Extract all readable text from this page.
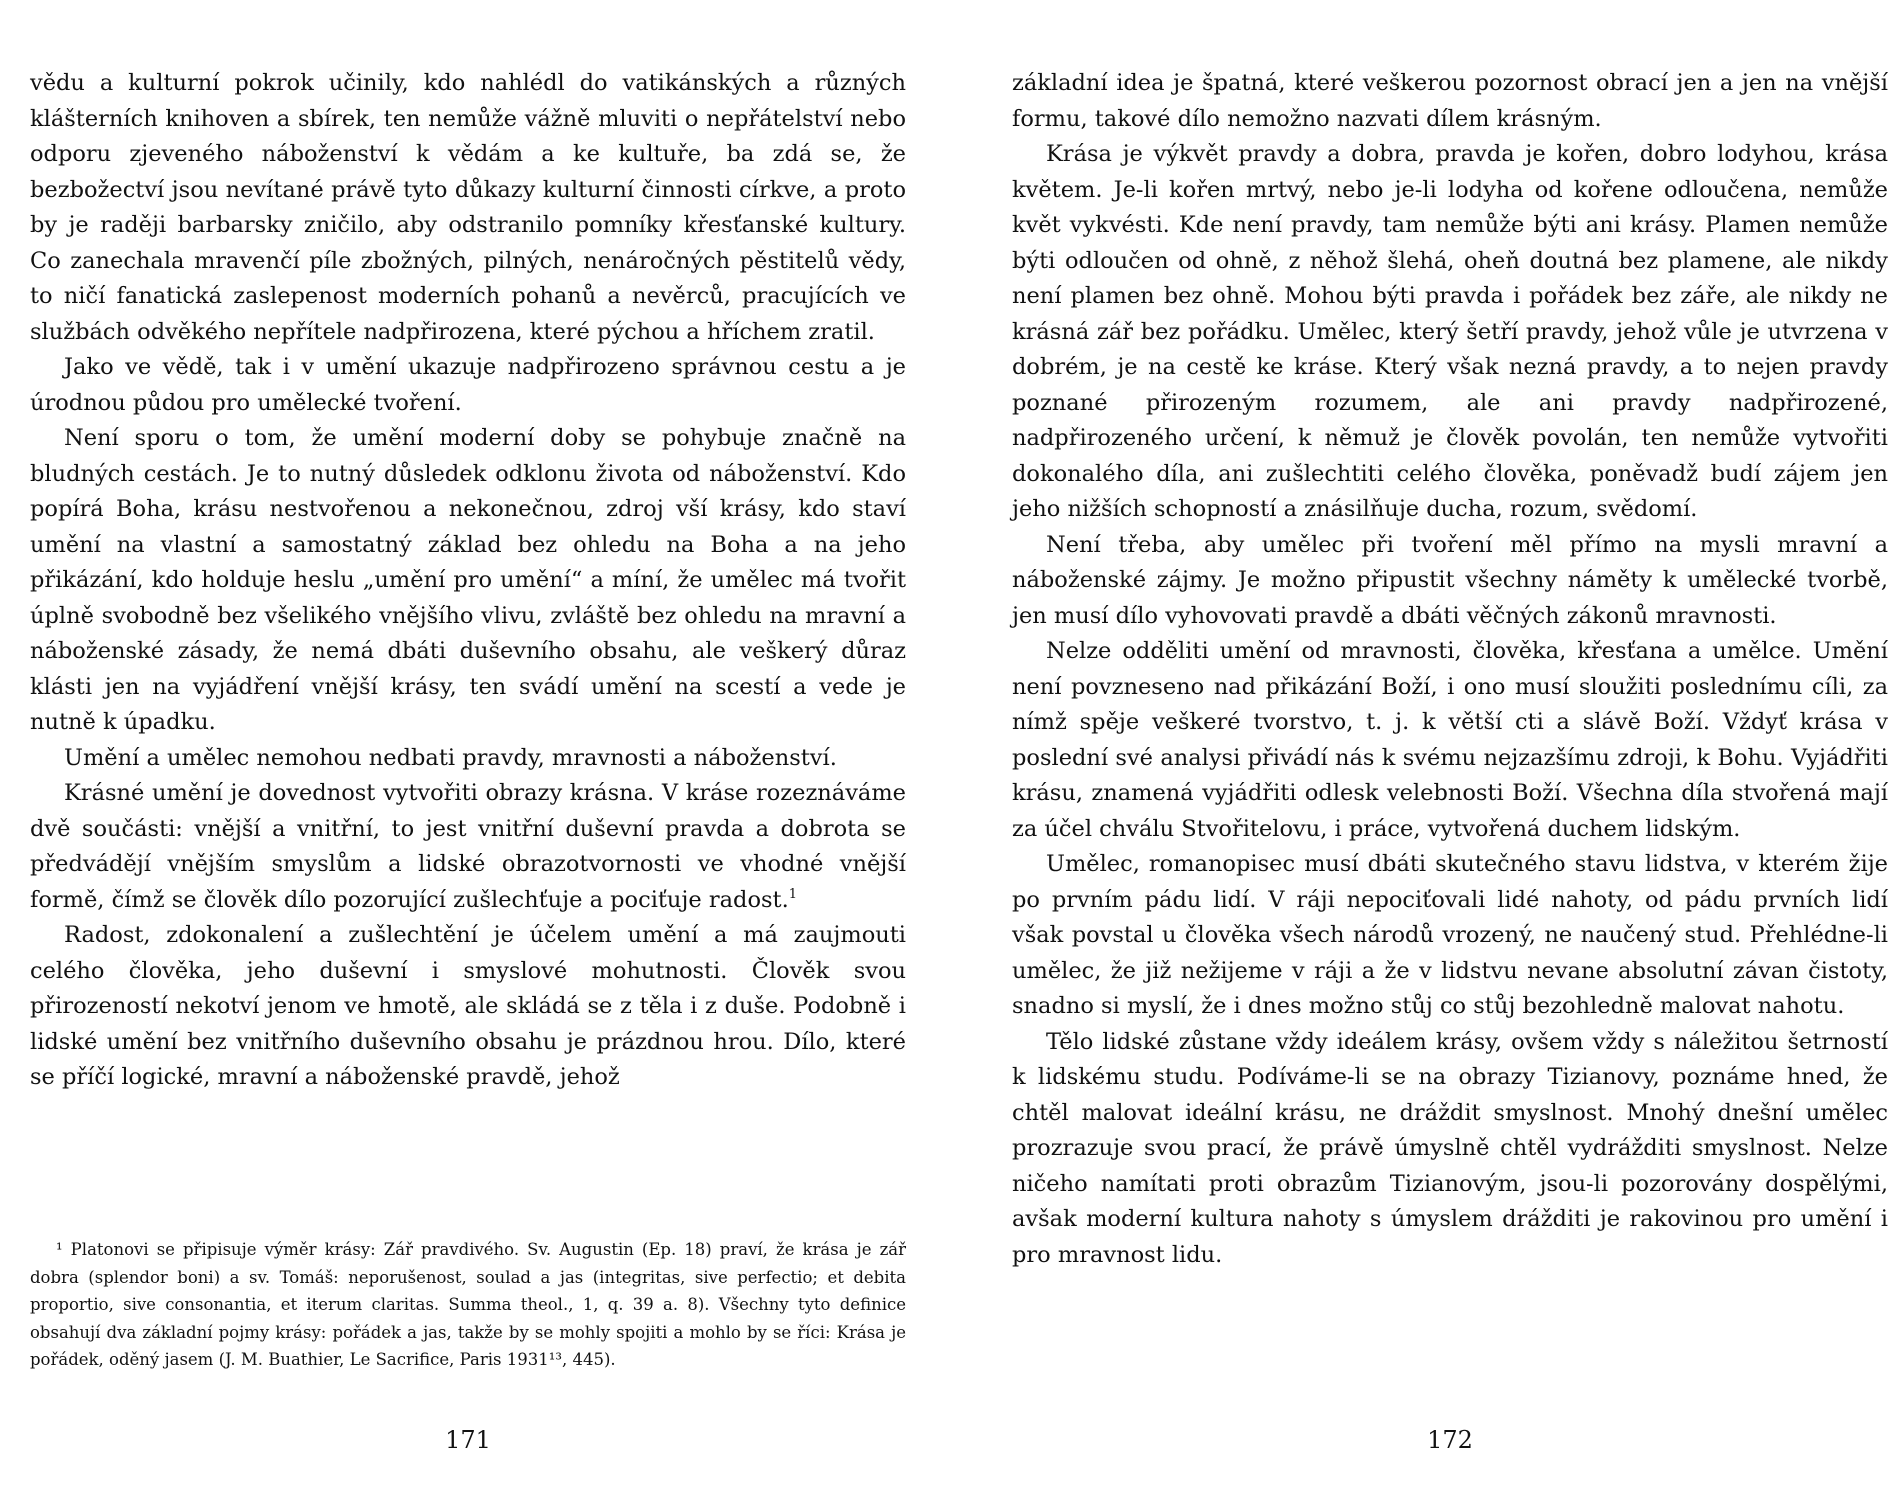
vědu a kulturní pokrok učinily, kdo nahlédl do vatikánských a různých klášterních knihoven a sbírek, ten nemůže vážně mluviti o nepřátelství nebo odporu zjeveného náboženství k vědám a ke kultuře, ba zdá se, že bezbožectví jsou nevítané právě tyto důkazy kulturní činnosti církve, a proto by je raději barbarsky zničilo, aby odstranilo pomníky křesťanské kultury. Co zanechala mravenčí píle zbožných, pilných, nenáročných pěstitelů vědy, to ničí fanatická zaslepenost moderních pohanů a nevěrců, pracujících ve službách odvěkého nepřítele nadpřirozena, které pýchou a hříchem zratil.

Jako ve vědě, tak i v umění ukazuje nadpřirozeno správnou cestu a je úrodnou půdou pro umělecké tvoření.

Není sporu o tom, že umění moderní doby se pohybuje značně na bludných cestách. Je to nutný důsledek odklonu života od náboženství. Kdo popírá Boha, krásu nestvořenou a nekonečnou, zdroj vší krásy, kdo staví umění na vlastní a samostatný základ bez ohledu na Boha a na jeho přikázání, kdo holduje heslu „umění pro umění“ a míní, že umělec má tvořit úplně svobodně bez všelikého vnějšího vlivu, zvláště bez ohledu na mravní a náboženské zásady, že nemá dbáti duševního obsahu, ale veškerý důraz klásti jen na vyjádření vnější krásy, ten svádí umění na scestí a vede je nutně k úpadku.

Umění a umělec nemohou nedbati pravdy, mravnosti a náboženství.

Krásné umění je dovednost vytvořiti obrazy krásna. V kráse rozeznáváme dvě součásti: vnější a vnitřní, to jest vnitřní duševní pravda a dobrota se předvádějí vnějším smyslům a lidské obrazotvornosti ve vhodné vnější formě, čímž se člověk dílo pozorující zušlechťuje a pociťuje radost.$^1$

Radost, zdokonalení a zušlechtění je účelem umění a má zaujmouti celého člověka, jeho duševní i smyslové mohutnosti. Člověk svou přirozeností nekotví jenom ve hmotě, ale skládá se z těla i z duše. Podobně i lidské umění bez vnitřního duševního obsahu je prázdnou hrou. Dílo, které se příčí logické, mravní a náboženské pravdě, jehož

¹ Platonovi se připisuje výměr krásy: Zář pravdivého. Sv. Augustin (Ep. 18) praví, že krása je zář dobra (splendor boni) a sv. Tomáš: neporušenost, soulad a jas (integritas, sive perfectio; et debita proportio, sive consonantia, et iterum claritas. Summa theol., 1, q. 39 a. 8). Všechny tyto definice obsahují dva základní pojmy krásy: pořádek a jas, takže by se mohly spojiti a mohlo by se říci: Krása je pořádek, oděný jasem (J. M. Buathier, Le Sacrifice, Paris 1931¹³, 445).

171

základní idea je špatná, které veškerou pozornost obrací jen a jen na vnější formu, takové dílo nemožno nazvati dílem krásným.

Krása je výkvět pravdy a dobra, pravda je kořen, dobro lodyhou, krása květem. Je-li kořen mrtvý, nebo je-li lodyha od kořene odloučena, nemůže květ vykvésti. Kde není pravdy, tam nemůže býti ani krásy. Plamen nemůže býti odloučen od ohně, z něhož šlehá, oheň doutná bez plamene, ale nikdy není plamen bez ohně. Mohou býti pravda i pořádek bez záře, ale nikdy ne krásná zář bez pořádku. Umělec, který šetří pravdy, jehož vůle je utvrzena v dobrém, je na cestě ke kráse. Který však nezná pravdy, a to nejen pravdy poznané přirozeným rozumem, ale ani pravdy nadpřirozené, nadpřirozeného určení, k němuž je člověk povolán, ten nemůže vytvořiti dokonalého díla, ani zušlechtiti celého člověka, poněvadž budí zájem jen jeho nižších schopností a znásilňuje ducha, rozum, svědomí.

Není třeba, aby umělec při tvoření měl přímo na mysli mravní a náboženské zájmy. Je možno připustit všechny náměty k umělecké tvorbě, jen musí dílo vyhovovati pravdě a dbáti věčných zákonů mravnosti.

Nelze odděliti umění od mravnosti, člověka, křesťana a umělce. Umění není povzneseno nad přikázání Boží, i ono musí sloužiti poslednímu cíli, za nímž spěje veškeré tvorstvo, t. j. k větší cti a slávě Boží. Vždyť krása v poslední své analysi přivádí nás k svému nejzazšímu zdroji, k Bohu. Vyjádřiti krásu, znamená vyjádřiti odlesk velebnosti Boží. Všechna díla stvořená mají za účel chválu Stvořitelovu, i práce, vytvořená duchem lidským.

Umělec, romanopisec musí dbáti skutečného stavu lidstva, v kterém žije po prvním pádu lidí. V ráji nepociťovali lidé nahoty, od pádu prvních lidí však povstal u člověka všech národů vrozený, ne naučený stud. Přehlédne-li umělec, že již nežijeme v ráji a že v lidstvu nevane absolutní závan čistoty, snadno si myslí, že i dnes možno stůj co stůj bezohledně malovat nahotu.

Tělo lidské zůstane vždy ideálem krásy, ovšem vždy s náležitou šetrností k lidskému studu. Podíváme-li se na obrazy Tizianovy, poznáme hned, že chtěl malovat ideální krásu, ne dráždit smyslnost. Mnohý dnešní umělec prozrazuje svou prací, že právě úmyslně chtěl vydrážditi smyslnost. Nelze ničeho namítati proti obrazům Tizianovým, jsou-li pozorovány dospělými, avšak moderní kultura nahoty s úmyslem drážditi je rakovinou pro umění i pro mravnost lidu.

172
